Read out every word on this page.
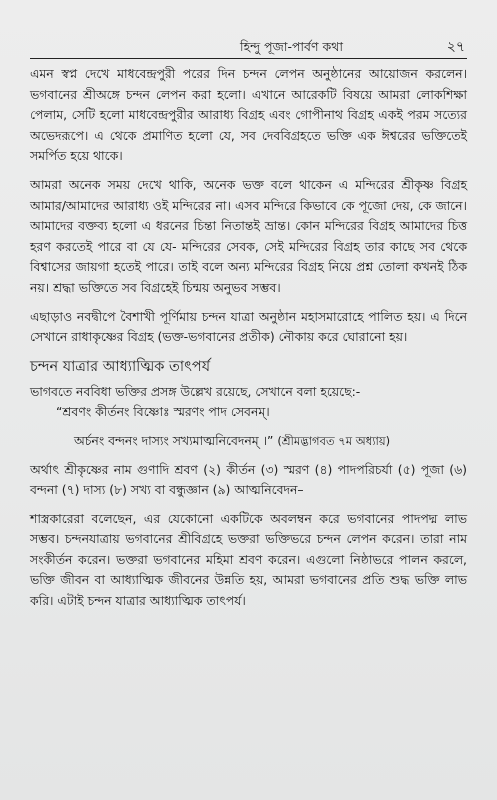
হিন্দু পূজা-পার্বণ কথা	২৭

এমন স্বপ্ন দেখে মাধবেন্দ্রপুরী পরের দিন চন্দন লেপন অনুষ্ঠানের আয়োজন করলেন। ভগবানের শ্রীঅঙ্গে চন্দন লেপন করা হলো। এখানে আরেকটি বিষয়ে আমরা লোকশিক্ষা পেলাম, সেটি হলো মাধবেন্দ্রপুরীর আরাধ্য বিগ্রহ এবং গোপীনাথ বিগ্রহ একই পরম সত্যের অভেদরূপে। এ থেকে প্রমাণিত হলো যে, সব দেববিগ্রহতে ভক্তি এক ঈশ্বরের ভক্তিতেই সমর্পিত হয়ে থাকে।

আমরা অনেক সময় দেখে থাকি, অনেক ভক্ত বলে থাকেন এ মন্দিরের শ্রীকৃষ্ণ বিগ্রহ আমার/আমাদের আরাধ্য ওই মন্দিরের না। এসব মন্দিরে কিভাবে কে পূজো দেয়, কে জানে। আমাদের বক্তব্য হলো এ ধরনের চিন্তা নিতান্তই ভ্রান্ত। কোন মন্দিরের বিগ্রহ আমাদের চিত্ত হরণ করতেই পারে বা যে যে- মন্দিরের সেবক, সেই মন্দিরের বিগ্রহ তার কাছে সব থেকে বিশ্বাসের জায়গা হতেই পারে। তাই বলে অন্য মন্দিরের বিগ্রহ নিয়ে প্রশ্ন তোলা কখনই ঠিক নয়। শ্রদ্ধা ভক্তিতে সব বিগ্রহেই চিন্ময় অনুভব সম্ভব।

এছাড়াও নবদ্বীপে বৈশাখী পূর্ণিমায় চন্দন যাত্রা অনুষ্ঠান মহাসমারোহে পালিত হয়। এ দিনে সেখানে রাধাকৃষ্ণের বিগ্রহ (ভক্ত-ভগবানের প্রতীক) নৌকায় করে ঘোরানো হয়।

চন্দন যাত্রার আধ্যাত্মিক তাৎপর্য

ভাগবতে নববিধা ভক্তির প্রসঙ্গ উল্লেখ রয়েছে, সেখানে বলা হয়েছে:-

“শ্রবণং কীর্তনং বিষ্ণোঃ স্মরণং পাদ সেবনম্।

অর্চনং বন্দনং দাস্যং সখ্যমাত্মনিবেদনম্ ।” (শ্রীমদ্ভাগবত ৭ম অধ্যায়)

অর্থাৎ শ্রীকৃষ্ণের নাম গুণাদি শ্রবণ (২) কীর্তন (৩) স্মরণ (৪) পাদপরিচর্যা (৫) পূজা (৬) বন্দনা (৭) দাস্য (৮) সখ্য বা বন্ধুজ্ঞান (৯) আত্মনিবেদন–

শাস্ত্রকারেরা বলেছেন, এর যেকোনো একটিকে অবলম্বন করে ভগবানের পাদপদ্ম লাভ সম্ভব। চন্দনযাত্রায় ভগবানের শ্রীবিগ্রহে ভক্তরা ভক্তিভরে চন্দন লেপন করেন। তারা নাম সংকীর্তন করেন। ভক্তরা ভগবানের মহিমা শ্রবণ করেন। এগুলো নিষ্ঠাভরে পালন করলে, ভক্তি জীবন বা আধ্যাত্মিক জীবনের উন্নতি হয়, আমরা ভগবানের প্রতি শুদ্ধ ভক্তি লাভ করি। এটাই চন্দন যাত্রার আধ্যাত্মিক তাৎপর্য।
